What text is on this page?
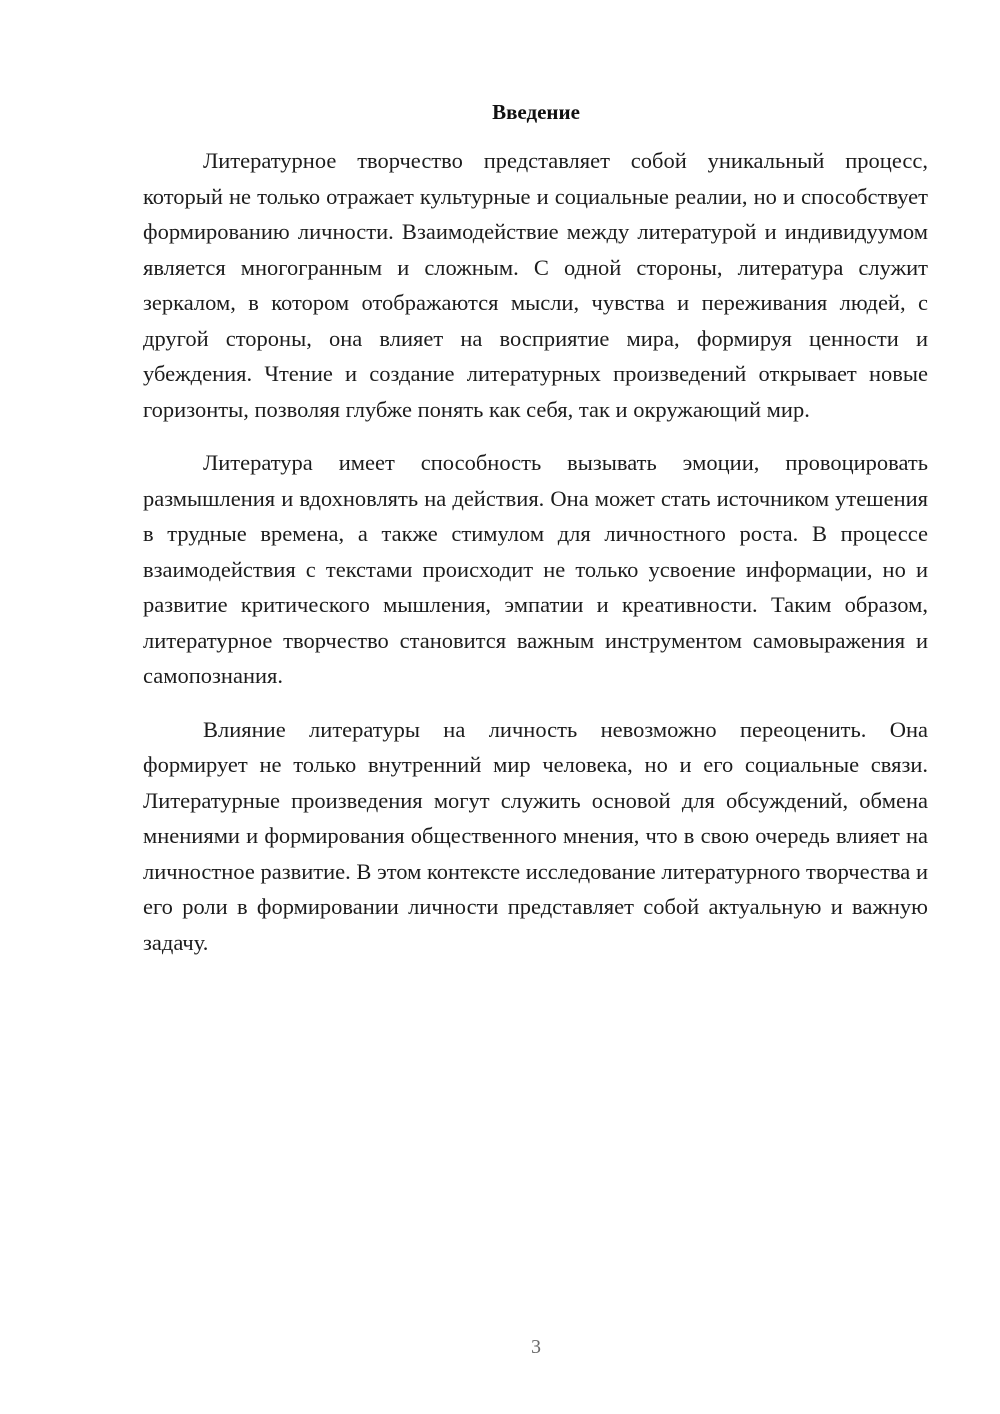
Введение

Литературное творчество представляет собой уникальный процесс, который не только отражает культурные и социальные реалии, но и способствует формированию личности. Взаимодействие между литературой и индивидуумом является многогранным и сложным. С одной стороны, литература служит зеркалом, в котором отображаются мысли, чувства и переживания людей, с другой стороны, она влияет на восприятие мира, формируя ценности и убеждения. Чтение и создание литературных произведений открывает новые горизонты, позволяя глубже понять как себя, так и окружающий мир.

Литература имеет способность вызывать эмоции, провоцировать размышления и вдохновлять на действия. Она может стать источником утешения в трудные времена, а также стимулом для личностного роста. В процессе взаимодействия с текстами происходит не только усвоение информации, но и развитие критического мышления, эмпатии и креативности. Таким образом, литературное творчество становится важным инструментом самовыражения и самопознания.

Влияние литературы на личность невозможно переоценить. Она формирует не только внутренний мир человека, но и его социальные связи. Литературные произведения могут служить основой для обсуждений, обмена мнениями и формирования общественного мнения, что в свою очередь влияет на личностное развитие. В этом контексте исследование литературного творчества и его роли в формировании личности представляет собой актуальную и важную задачу.

3
